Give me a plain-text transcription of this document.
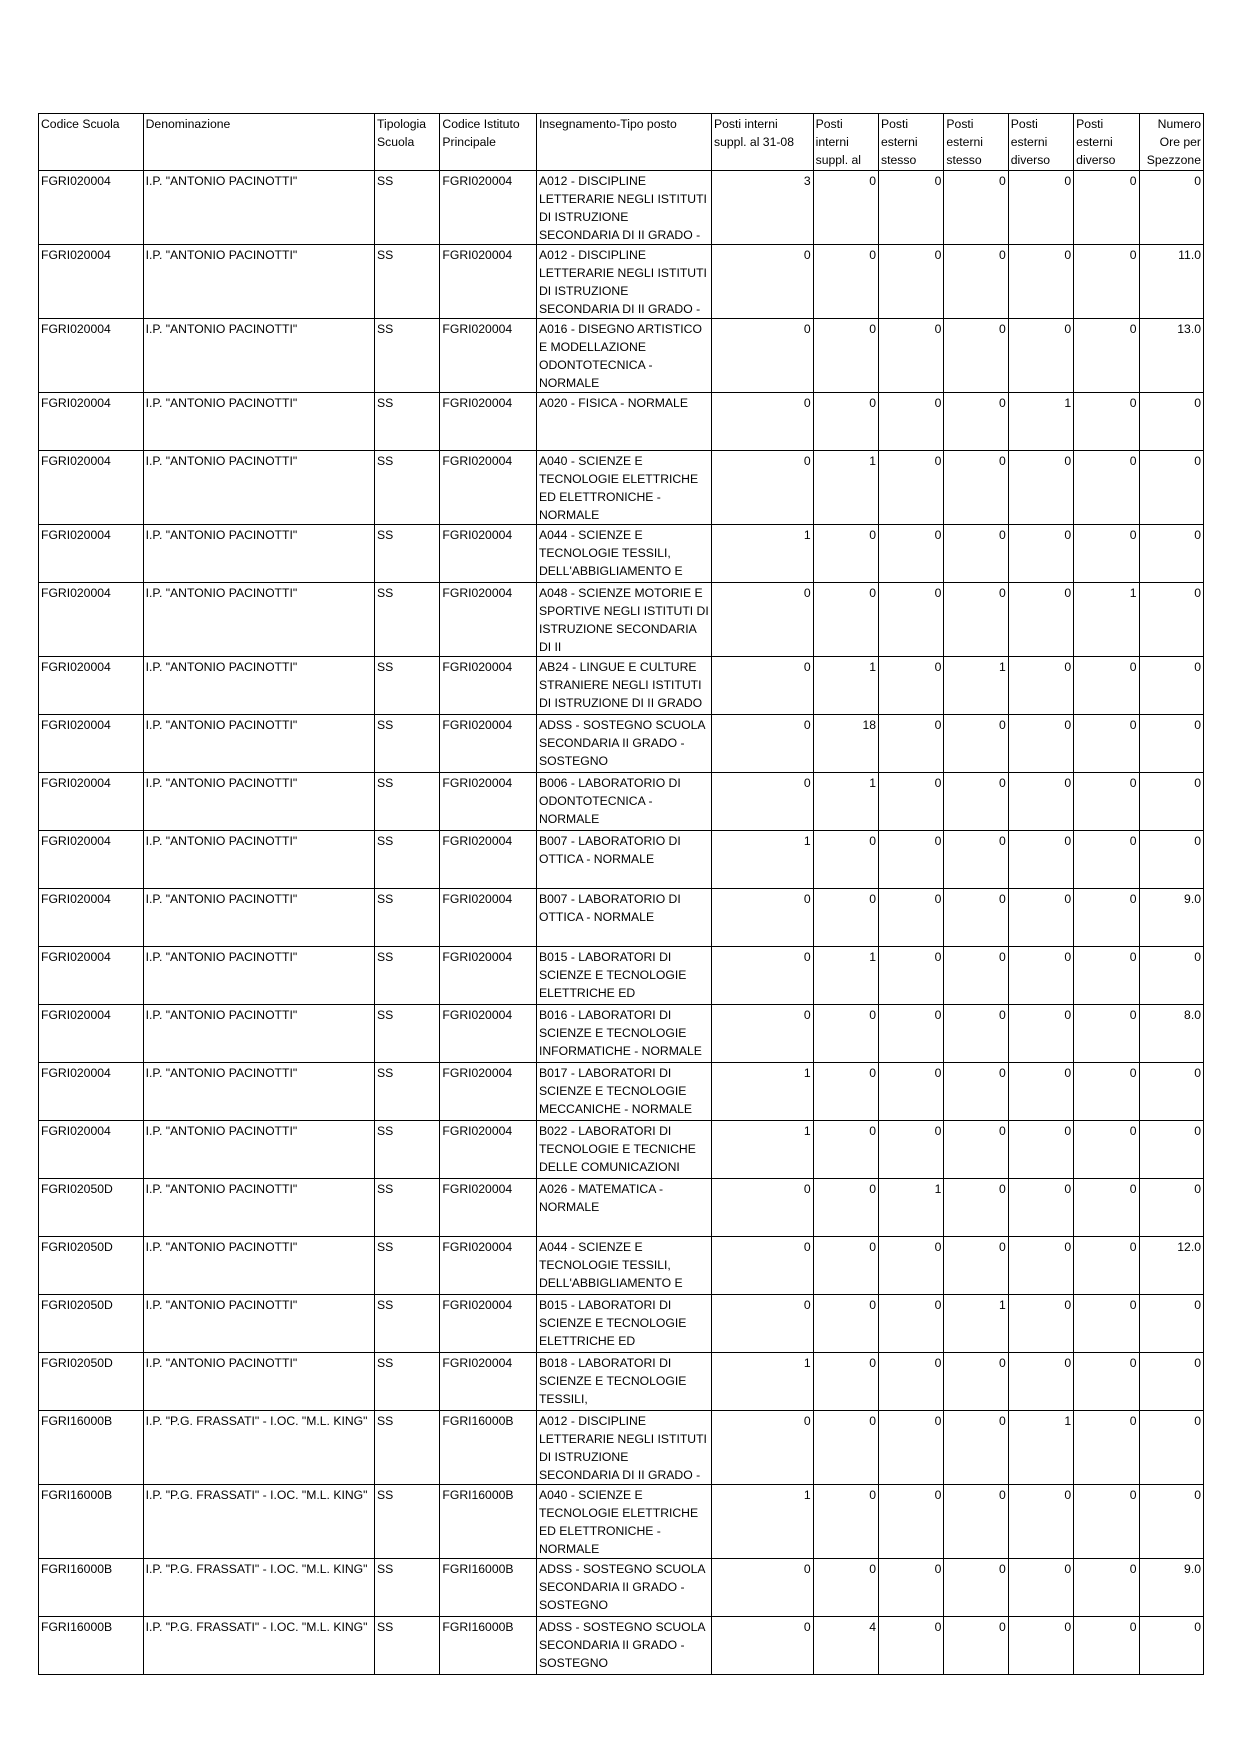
Codice Scuola	Denominazione	Tipologia Scuola	Codice Istituto Principale	Insegnamento-Tipo posto	Posti interni suppl. al 31-08	Posti interni suppl. al	Posti esterni stesso	Posti esterni stesso	Posti esterni diverso	Posti esterni diverso	Numero Ore per Spezzone
FGRI020004	I.P. "ANTONIO PACINOTTI"	SS	FGRI020004	A012 - DISCIPLINE LETTERARIE NEGLI ISTITUTI DI ISTRUZIONE SECONDARIA DI II GRADO -	3	0	0	0	0	0	0
FGRI020004	I.P. "ANTONIO PACINOTTI"	SS	FGRI020004	A012 - DISCIPLINE LETTERARIE NEGLI ISTITUTI DI ISTRUZIONE SECONDARIA DI II GRADO -	0	0	0	0	0	0	11.0
FGRI020004	I.P. "ANTONIO PACINOTTI"	SS	FGRI020004	A016 - DISEGNO ARTISTICO E MODELLAZIONE ODONTOTECNICA - NORMALE	0	0	0	0	0	0	13.0
FGRI020004	I.P. "ANTONIO PACINOTTI"	SS	FGRI020004	A020 - FISICA - NORMALE	0	0	0	0	1	0	0
FGRI020004	I.P. "ANTONIO PACINOTTI"	SS	FGRI020004	A040 - SCIENZE E TECNOLOGIE ELETTRICHE ED ELETTRONICHE - NORMALE	0	1	0	0	0	0	0
FGRI020004	I.P. "ANTONIO PACINOTTI"	SS	FGRI020004	A044 - SCIENZE E TECNOLOGIE TESSILI, DELL'ABBIGLIAMENTO E	1	0	0	0	0	0	0
FGRI020004	I.P. "ANTONIO PACINOTTI"	SS	FGRI020004	A048 - SCIENZE MOTORIE E SPORTIVE NEGLI ISTITUTI DI ISTRUZIONE SECONDARIA DI II	0	0	0	0	0	1	0
FGRI020004	I.P. "ANTONIO PACINOTTI"	SS	FGRI020004	AB24 - LINGUE E CULTURE STRANIERE NEGLI ISTITUTI DI ISTRUZIONE DI II GRADO	0	1	0	1	0	0	0
FGRI020004	I.P. "ANTONIO PACINOTTI"	SS	FGRI020004	ADSS - SOSTEGNO SCUOLA SECONDARIA II GRADO - SOSTEGNO	0	18	0	0	0	0	0
FGRI020004	I.P. "ANTONIO PACINOTTI"	SS	FGRI020004	B006 - LABORATORIO DI ODONTOTECNICA - NORMALE	0	1	0	0	0	0	0
FGRI020004	I.P. "ANTONIO PACINOTTI"	SS	FGRI020004	B007 - LABORATORIO DI OTTICA - NORMALE	1	0	0	0	0	0	0
FGRI020004	I.P. "ANTONIO PACINOTTI"	SS	FGRI020004	B007 - LABORATORIO DI OTTICA - NORMALE	0	0	0	0	0	0	9.0
FGRI020004	I.P. "ANTONIO PACINOTTI"	SS	FGRI020004	B015 - LABORATORI DI SCIENZE E TECNOLOGIE ELETTRICHE ED	0	1	0	0	0	0	0
FGRI020004	I.P. "ANTONIO PACINOTTI"	SS	FGRI020004	B016 - LABORATORI DI SCIENZE E TECNOLOGIE INFORMATICHE - NORMALE	0	0	0	0	0	0	8.0
FGRI020004	I.P. "ANTONIO PACINOTTI"	SS	FGRI020004	B017 - LABORATORI DI SCIENZE E TECNOLOGIE MECCANICHE - NORMALE	1	0	0	0	0	0	0
FGRI020004	I.P. "ANTONIO PACINOTTI"	SS	FGRI020004	B022 - LABORATORI DI TECNOLOGIE E TECNICHE DELLE COMUNICAZIONI	1	0	0	0	0	0	0
FGRI02050D	I.P. "ANTONIO PACINOTTI"	SS	FGRI020004	A026 - MATEMATICA - NORMALE	0	0	1	0	0	0	0
FGRI02050D	I.P. "ANTONIO PACINOTTI"	SS	FGRI020004	A044 - SCIENZE E TECNOLOGIE TESSILI, DELL'ABBIGLIAMENTO E	0	0	0	0	0	0	12.0
FGRI02050D	I.P. "ANTONIO PACINOTTI"	SS	FGRI020004	B015 - LABORATORI DI SCIENZE E TECNOLOGIE ELETTRICHE ED	0	0	0	1	0	0	0
FGRI02050D	I.P. "ANTONIO PACINOTTI"	SS	FGRI020004	B018 - LABORATORI DI SCIENZE E TECNOLOGIE TESSILI,	1	0	0	0	0	0	0
FGRI16000B	I.P. "P.G. FRASSATI" - I.OC. "M.L. KING"	SS	FGRI16000B	A012 - DISCIPLINE LETTERARIE NEGLI ISTITUTI DI ISTRUZIONE SECONDARIA DI II GRADO -	0	0	0	0	1	0	0
FGRI16000B	I.P. "P.G. FRASSATI" - I.OC. "M.L. KING"	SS	FGRI16000B	A040 - SCIENZE E TECNOLOGIE ELETTRICHE ED ELETTRONICHE - NORMALE	1	0	0	0	0	0	0
FGRI16000B	I.P. "P.G. FRASSATI" - I.OC. "M.L. KING"	SS	FGRI16000B	ADSS - SOSTEGNO SCUOLA SECONDARIA II GRADO - SOSTEGNO	0	0	0	0	0	0	9.0
FGRI16000B	I.P. "P.G. FRASSATI" - I.OC. "M.L. KING"	SS	FGRI16000B	ADSS - SOSTEGNO SCUOLA SECONDARIA II GRADO - SOSTEGNO	0	4	0	0	0	0	0
